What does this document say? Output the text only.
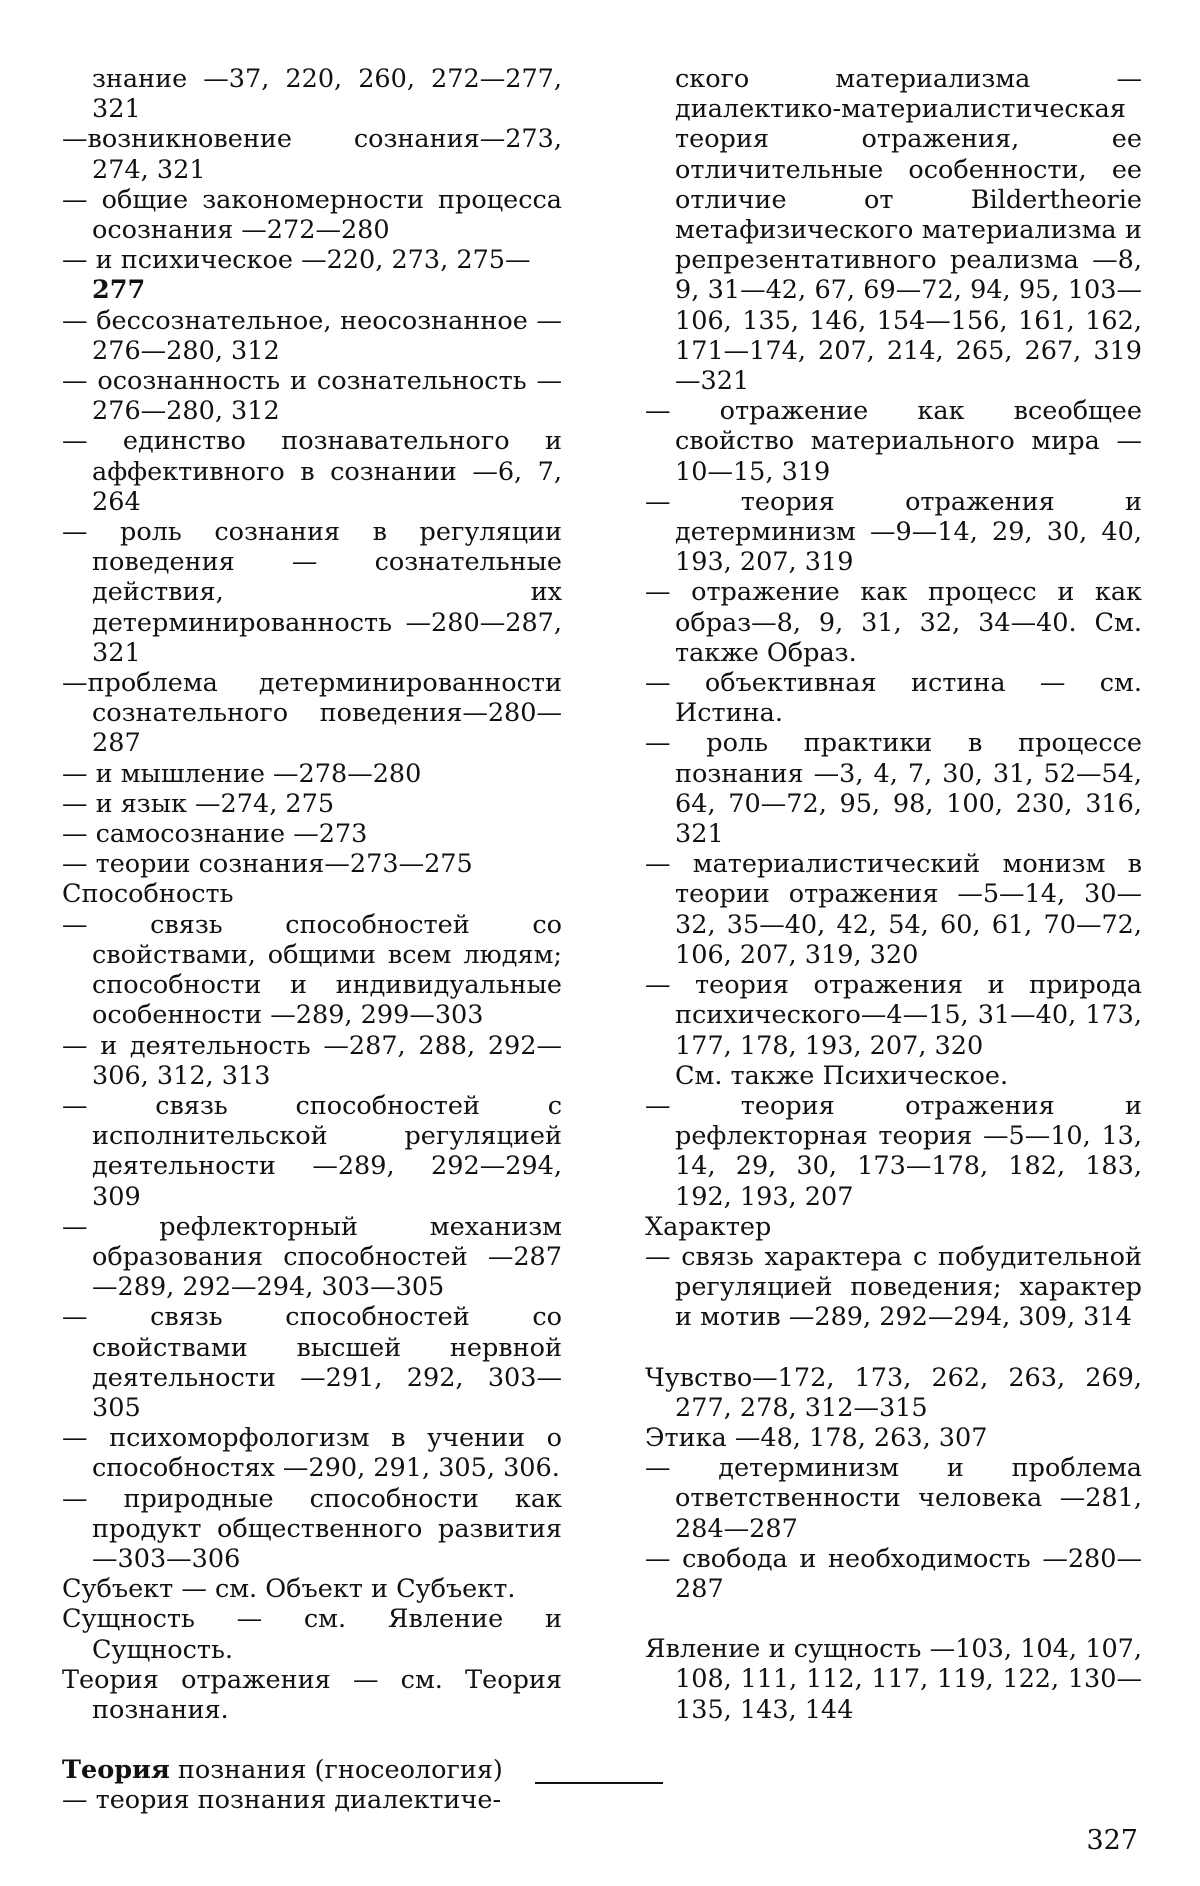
знание —37, 220, 260, 272—277, 321
—возникновение сознания—273, 274, 321
— общие закономерности процесса осознания —272—280
— и психическое —220, 273, 275—
277
— бессознательное, неосознанное —276—280, 312
— осознанность и сознательность —276—280, 312
— единство познавательного и аффективного в сознании —6, 7, 264
— роль сознания в регуляции поведения — сознательные действия, их детерминированность —280—287, 321
—проблема детерминированности сознательного поведения—280—287
— и мышление —278—280
— и язык —274, 275
— самосознание —273
— теории сознания—273—275
Способность
— связь способностей со свойствами, общими всем людям; способности и индивидуальные особенности —289, 299—303
— и деятельность —287, 288, 292—306, 312, 313
— связь способностей с исполнительской регуляцией деятельности —289, 292—294, 309
— рефлекторный механизм образования способностей —287—289, 292—294, 303—305
— связь способностей со свойствами высшей нервной деятельности —291, 292, 303—305
— психоморфологизм в учении о способностях —290, 291, 305, 306.
— природные способности как продукт общественного развития —303—306
Субъект — см. Объект и Субъект.
Сущность — см. Явление и Сущность.
Теория отражения — см. Теория познания.
Теория познания (гносеология)
— теория познания диалектиче-
ского материализма — диалектико-материалистическая теория отражения, ее отличительные особенности, ее отличие от Bildertheorie метафизического материализма и репрезентативного реализма —8, 9, 31—42, 67, 69—72, 94, 95, 103—106, 135, 146, 154—156, 161, 162, 171—174, 207, 214, 265, 267, 319—321
— отражение как всеобщее свойство материального мира —10—15, 319
— теория отражения и детерминизм —9—14, 29, 30, 40, 193, 207, 319
— отражение как процесс и как образ—8, 9, 31, 32, 34—40. См. также Образ.
— объективная истина — см. Истина.
— роль практики в процессе познания —3, 4, 7, 30, 31, 52—54, 64, 70—72, 95, 98, 100, 230, 316, 321
— материалистический монизм в теории отражения —5—14, 30—32, 35—40, 42, 54, 60, 61, 70—72, 106, 207, 319, 320
— теория отражения и природа психического—4—15, 31—40, 173, 177, 178, 193, 207, 320
См. также Психическое.
— теория отражения и рефлекторная теория —5—10, 13, 14, 29, 30, 173—178, 182, 183, 192, 193, 207
Характер
— связь характера с побудительной регуляцией поведения; характер и мотив —289, 292—294, 309, 314
Чувство—172, 173, 262, 263, 269, 277, 278, 312—315
Этика —48, 178, 263, 307
— детерминизм и проблема ответственности человека —281, 284—287
— свобода и необходимость —280—287
Явление и сущность —103, 104, 107, 108, 111, 112, 117, 119, 122, 130—135, 143, 144
327
